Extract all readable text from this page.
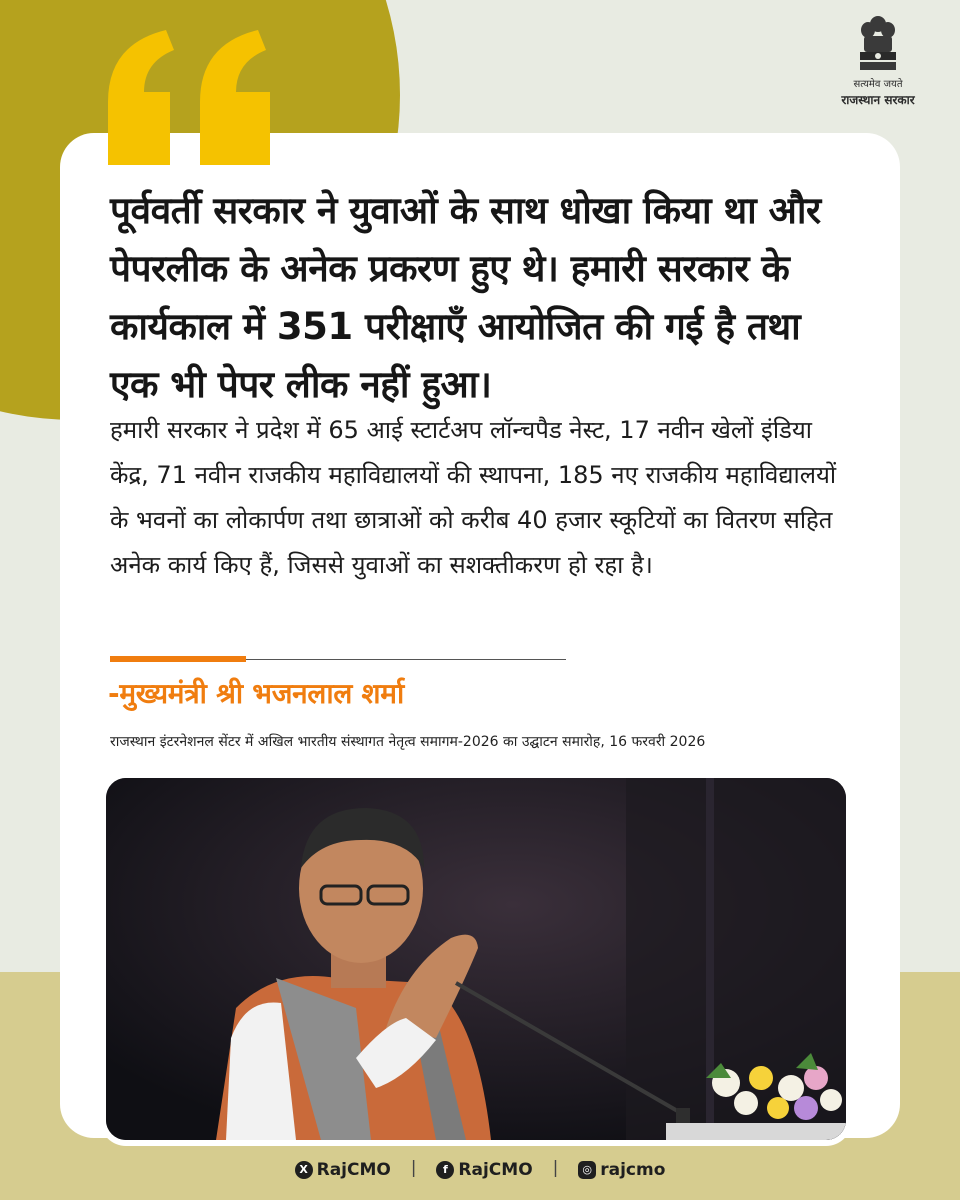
सत्यमेव जयते
राजस्थान सरकार

पूर्ववर्ती सरकार ने युवाओं के साथ धोखा किया था और पेपरलीक के अनेक प्रकरण हुए थे। हमारी सरकार के कार्यकाल में 351 परीक्षाएँ आयोजित की गई है तथा एक भी पेपर लीक नहीं हुआ।

हमारी सरकार ने प्रदेश में 65 आई स्टार्टअप लॉन्चपैड नेस्ट, 17 नवीन खेलों इंडिया केंद्र, 71 नवीन राजकीय महाविद्यालयों की स्थापना, 185 नए राजकीय महाविद्यालयों के भवनों का लोकार्पण तथा छात्राओं को करीब 40 हजार स्कूटियों का वितरण सहित अनेक कार्य किए हैं, जिससे युवाओं का सशक्तीकरण हो रहा है।

-मुख्यमंत्री श्री भजनलाल शर्मा
राजस्थान इंटरनेशनल सेंटर में अखिल भारतीय संस्थागत नेतृत्व समागम-2026 का उद्घाटन समारोह, 16 फरवरी 2026
X RajCMO |	f RajCMO |	◎ rajcmo
